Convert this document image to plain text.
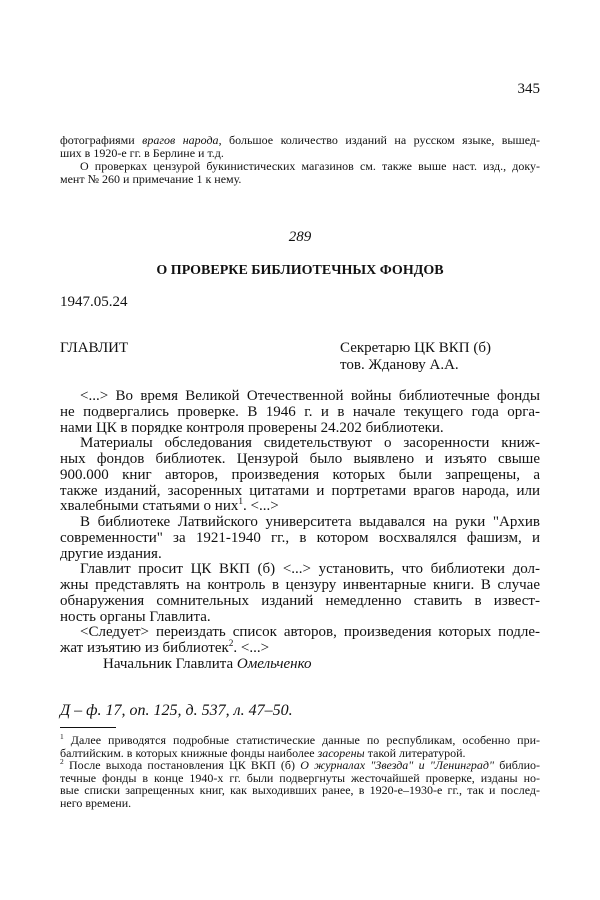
345
фотографиями врагов народа, большое количество изданий на русском языке, вышед-
ших в 1920-е гг. в Берлине и т.д.
О проверках цензурой букинистических магазинов см. также выше наст. изд., доку-
мент № 260 и примечание 1 к нему.
289
О ПРОВЕРКЕ БИБЛИОТЕЧНЫХ ФОНДОВ
1947.05.24
ГЛАВЛИТ	Секретарю ЦК ВКП (б)
тов. Жданову А.А.
<...> Во время Великой Отечественной войны библиотечные фонды
не подвергались проверке. В 1946 г. и в начале текущего года орга-
нами ЦК в порядке контроля проверены 24.202 библиотеки.
Материалы обследования свидетельствуют о засоренности книж-
ных фондов библиотек. Цензурой было выявлено и изъято свыше
900.000 книг авторов, произведения которых были запрещены, а
также изданий, засоренных цитатами и портретами врагов народа, или
хвалебными статьями о них$^1$. <...>
В библиотеке Латвийского университета выдавался на руки "Архив
современности" за 1921-1940 гг., в котором восхвалялся фашизм, и
другие издания.
Главлит просит ЦК ВКП (б) <...> установить, что библиотеки дол-
жны представлять на контроль в цензуру инвентарные книги. В случае
обнаружения сомнительных изданий немедленно ставить в извест-
ность органы Главлита.
<Следует> переиздать список авторов, произведения которых подле-
жат изъятию из библиотек$^2$. <...>
Начальник Главлита Омельченко
Д – ф. 17, оп. 125, д. 537, л. 47–50.
$^1$ Далее приводятся подробные статистические данные по республикам, особенно при-
балтийским. в которых книжные фонды наиболее засорены такой литературой.
$^2$ После выхода постановления ЦК ВКП (б) О журналах "Звезда" и "Ленинград" библио-
течные фонды в конце 1940-х гг. были подвергнуты жесточайшей проверке, изданы но-
вые списки запрещенных книг, как выходивших ранее, в 1920-е–1930-е гг., так и послед-
него времени.
